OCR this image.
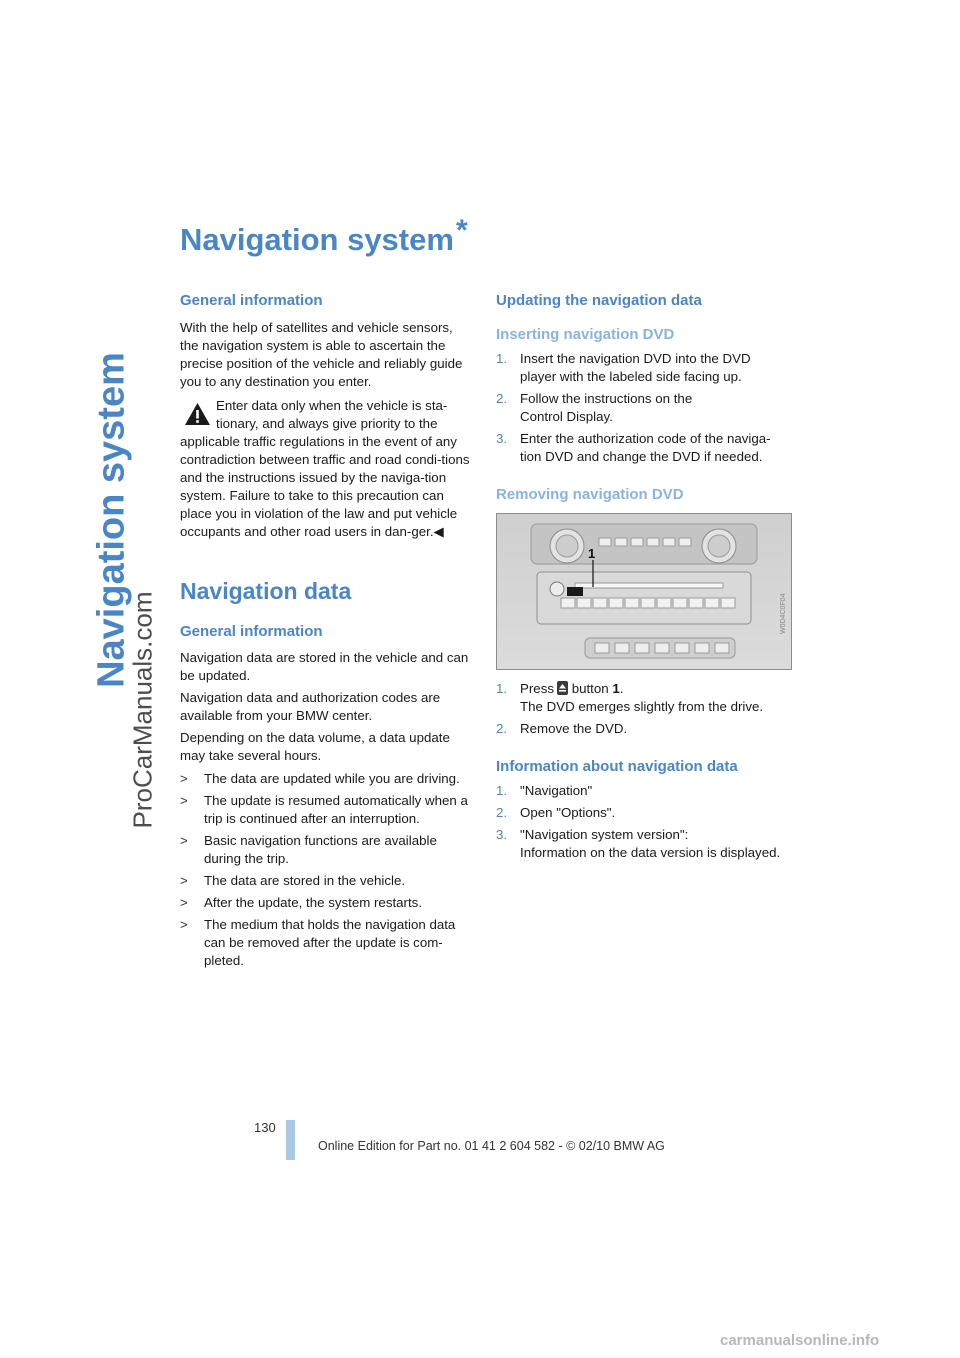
Navigation system
ProCarManuals.com
Navigation system*
General information

With the help of satellites and vehicle sensors, the navigation system is able to ascertain the precise position of the vehicle and reliably guide you to any destination you enter.

Enter data only when the vehicle is sta-tionary, and always give priority to the

applicable traffic regulations in the event of any contradiction between traffic and road condi-tions and the instructions issued by the naviga-tion system. Failure to take to this precaution can place you in violation of the law and put vehicle occupants and other road users in dan-ger.◀

Navigation data
General information

Navigation data are stored in the vehicle and can be updated.

Navigation data and authorization codes are available from your BMW center.

Depending on the data volume, a data update may take several hours.

> The data are updated while you are driving.
> The update is resumed automatically when a trip is continued after an interruption.
> Basic navigation functions are available during the trip.
> The data are stored in the vehicle.
> After the update, the system restarts.
> The medium that holds the navigation data can be removed after the update is com-pleted.
Updating the navigation data
Inserting navigation DVD
1. Insert the navigation DVD into the DVD player with the labeled side facing up.
2. Follow the instructions on the
Control Display.
3. Enter the authorization code of the naviga-tion DVD and change the DVD if needed.
Removing navigation DVD
1
W0D4C0F04
1. Press button 1.
The DVD emerges slightly from the drive.
2. Remove the DVD.
Information about navigation data
1. "Navigation"
2. Open "Options".
3. "Navigation system version":
Information on the data version is displayed.
130
Online Edition for Part no. 01 41 2 604 582 - © 02/10 BMW AG
carmanualsonline.info
